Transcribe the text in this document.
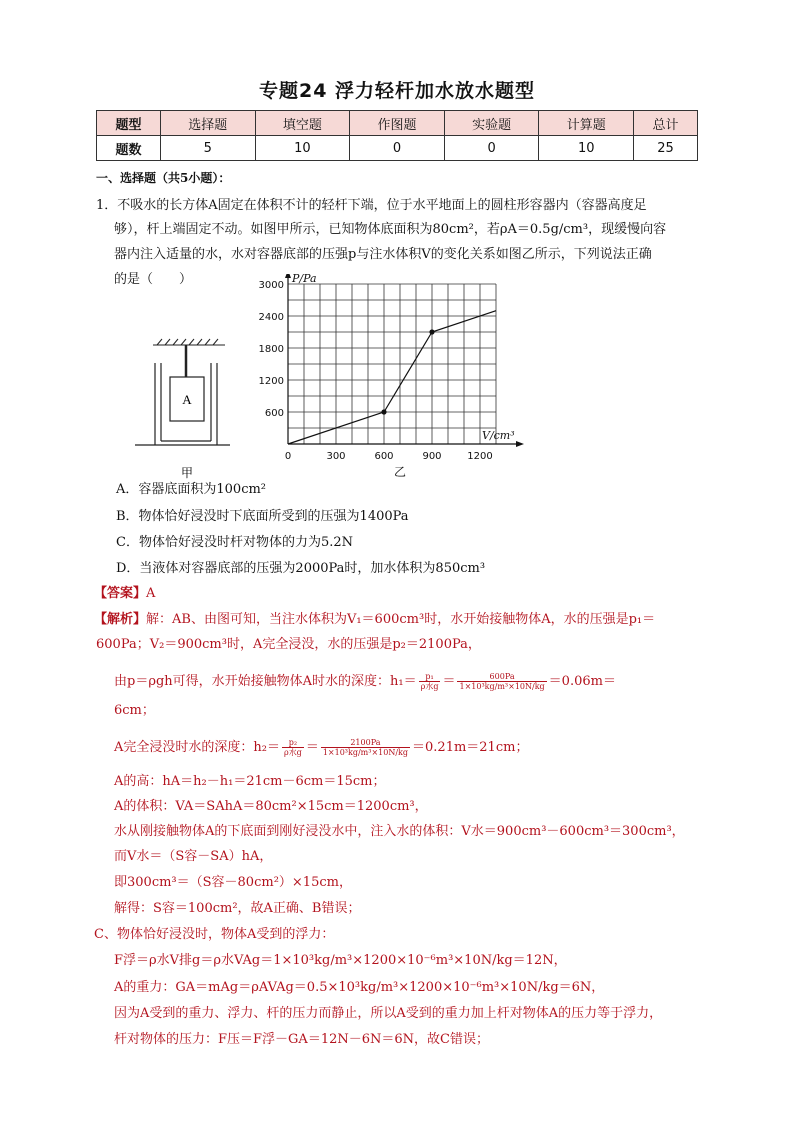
专题24 浮力轻杆加水放水题型
题型	选择题	填空题	作图题	实验题	计算题	总计
题数	5	10	0	0	10	25
一、选择题（共5小题）：
1．不吸水的长方体A固定在体积不计的轻杆下端，位于水平地面上的圆柱形容器内（容器高度足
够），杆上端固定不动。如图甲所示，已知物体底面积为80cm²，若ρA＝0.5g/cm³，现缓慢向容
器内注入适量的水，水对容器底部的压强p与注水体积V的变化关系如图乙所示，下列说法正确
的是（　　）
A
甲
0	300	600	900	1200
600
1200
1800
2400
3000
P/Pa
V/cm³
乙
A．容器底面积为100cm²
B．物体恰好浸没时下底面所受到的压强为1400Pa
C．物体恰好浸没时杆对物体的力为5.2N
D．当液体对容器底部的压强为2000Pa时，加水体积为850cm³
【答案】A
【解析】解：AB、由图可知，当注水体积为V₁＝600cm³时，水开始接触物体A，水的压强是p₁＝
600Pa；V₂＝900cm³时，A完全浸没，水的压强是p₂＝2100Pa，
由p＝ρgh可得，水开始接触物体A时水的深度：$h_1= \frac{\text{p₁}}{\text{ρ水g}} = \frac{600Pa}{\text{1×10³kg/m³×10N/kg}} =0.06m=$
6cm；
A完全浸没时水的深度：$h_2= \frac{\text{p₂}}{\text{ρ水g}} = \frac{2100Pa}{\text{1×10³kg/m³×10N/kg}} =0.21m=21cm$；
A的高：hA＝h₂－h₁＝21cm－6cm＝15cm；
A的体积：VA＝SAhA＝80cm²×15cm＝1200cm³，
水从刚接触物体A的下底面到刚好浸没水中，注入水的体积：V水＝900cm³－600cm³＝300cm³，
而V水＝（S容－SA）hA，
即300cm³＝（S容－80cm²）×15cm，
解得：S容＝100cm²，故A正确、B错误；
C、物体恰好浸没时，物体A受到的浮力：
F浮＝ρ水V排g＝ρ水VAg＝1×10³kg/m³×1200×10⁻⁶m³×10N/kg＝12N，
A的重力：GA＝mAg＝ρAVAg＝0.5×10³kg/m³×1200×10⁻⁶m³×10N/kg＝6N，
因为A受到的重力、浮力、杆的压力而静止，所以A受到的重力加上杆对物体A的压力等于浮力，
杆对物体的压力：F压＝F浮－GA＝12N－6N＝6N，故C错误；
